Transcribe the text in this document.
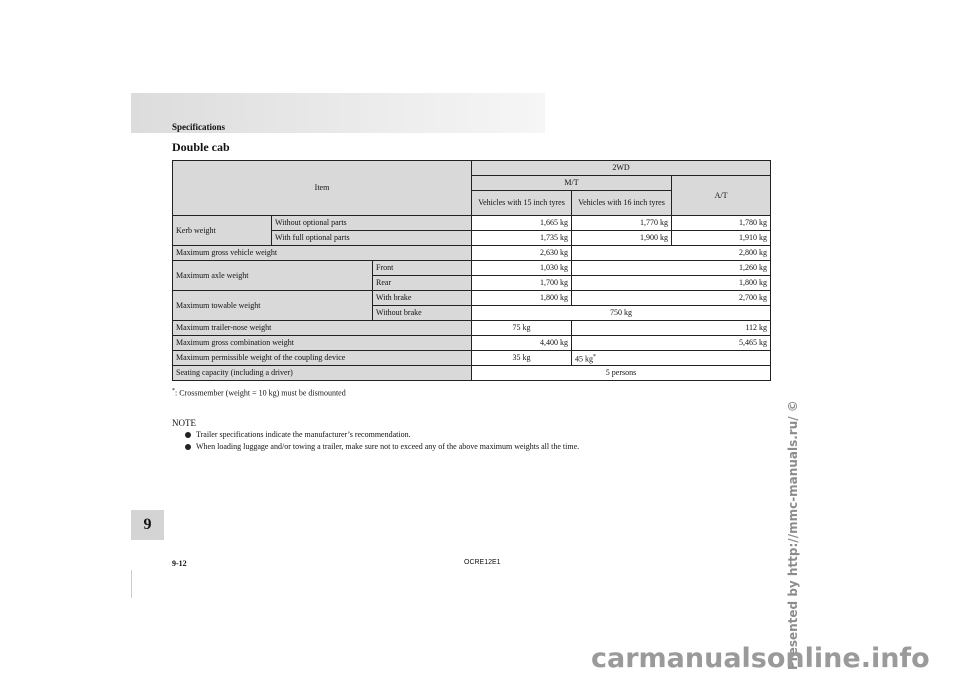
Specifications
Double cab
Item			2WD		
			M/T		A/T
			Vehicles with 15 inch tyres	Vehicles with 16 inch tyres	
Kerb weight	Without optional parts		1,665 kg	1,770 kg	1,780 kg
	With full optional parts		1,735 kg	1,900 kg	1,910 kg
Maximum gross vehicle weight			2,630 kg	2,800 kg	
Maximum axle weight		Front	1,030 kg	1,260 kg	
		Rear	1,700 kg	1,800 kg	
Maximum towable weight		With brake	1,800 kg	2,700 kg	
		Without brake	750 kg		
Maximum trailer-nose weight			75 kg	112 kg	
Maximum gross combination weight			4,400 kg	5,465 kg	
Maximum permissible weight of the coupling device			35 kg	45 kg*
Seating capacity (including a driver)			5 persons		
*: Crossmember (weight = 10 kg) must be dismounted
NOTE
Trailer specifications indicate the manufacturer’s recommendation.
When loading luggage and/or towing a trailer, make sure not to exceed any of the above maximum weights all the time.
9
9-12	OCRE12E1	Presented by http://mmc-manuals.ru/ ©
carmanualsonline.info
